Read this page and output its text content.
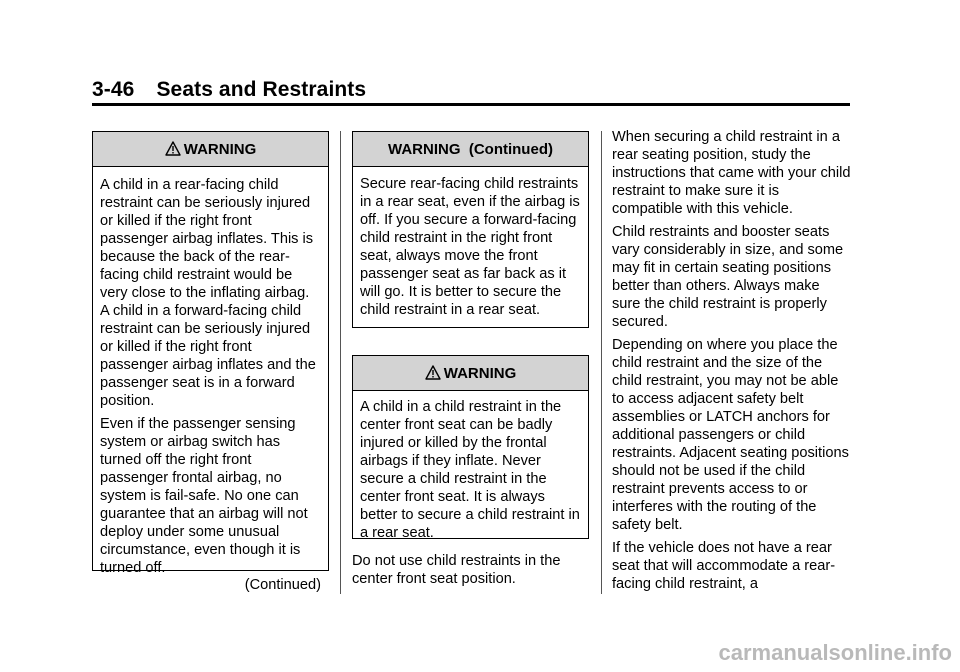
3-46 Seats and Restraints
WARNING

A child in a rear-facing child restraint can be seriously injured or killed if the right front passenger airbag inflates. This is because the back of the rear-facing child restraint would be very close to the inflating airbag. A child in a forward-facing child restraint can be seriously injured or killed if the right front passenger airbag inflates and the passenger seat is in a forward position.

Even if the passenger sensing system or airbag switch has turned off the right front passenger frontal airbag, no system is fail-safe. No one can guarantee that an airbag will not deploy under some unusual circumstance, even though it is turned off.

(Continued)
WARNING  (Continued)

Secure rear-facing child restraints in a rear seat, even if the airbag is off. If you secure a forward-facing child restraint in the right front seat, always move the front passenger seat as far back as it will go. It is better to secure the child restraint in a rear seat.

WARNING

A child in a child restraint in the center front seat can be badly injured or killed by the frontal airbags if they inflate. Never secure a child restraint in the center front seat. It is always better to secure a child restraint in a rear seat.

Do not use child restraints in the center front seat position.

When securing a child restraint in a rear seating position, study the instructions that came with your child restraint to make sure it is compatible with this vehicle.

Child restraints and booster seats vary considerably in size, and some may fit in certain seating positions better than others. Always make sure the child restraint is properly secured.

Depending on where you place the child restraint and the size of the child restraint, you may not be able to access adjacent safety belt assemblies or LATCH anchors for additional passengers or child restraints. Adjacent seating positions should not be used if the child restraint prevents access to or interferes with the routing of the safety belt.

If the vehicle does not have a rear seat that will accommodate a rear-facing child restraint, a

carmanualsonline.info
